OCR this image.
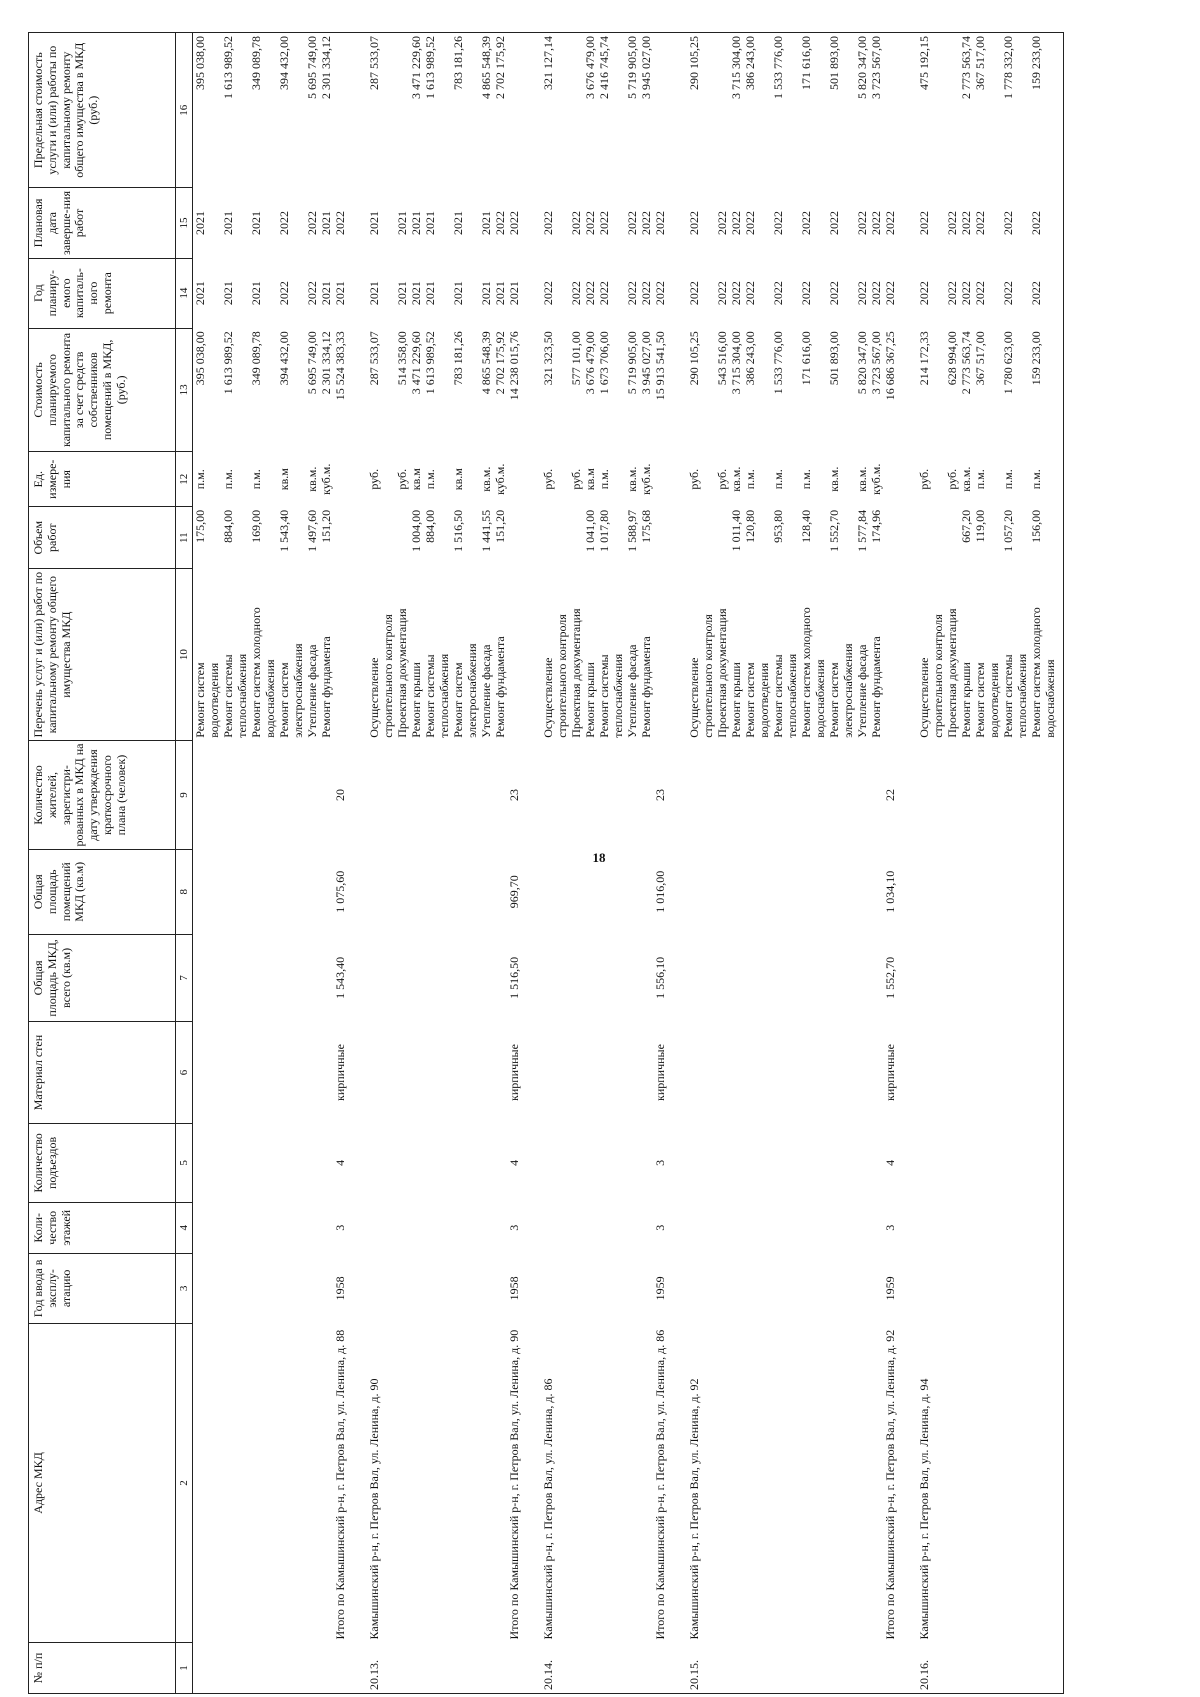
18
№ п/п	Адрес МКД	Год ввода в эксплу-атацию	Коли-чество этажей	Количество подъездов	Материал стен	Общая площадь МКД, всего (кв.м)	Общая площадь помещений МКД (кв.м)	Количество жителей, зарегистри-рованных в МКД на дату утверждения краткосрочного плана (человек)	Перечень услуг и (или) работ по капитальному ремонту общего имущества МКД	Объем работ	Ед. измере-ния	Стоимость планируемого капитального ремонта за счет средств собственников помещений в МКД, (руб.)	Год планиру-емого капиталь-ного ремонта	Плановая дата заверше-ния работ	Предельная стоимость услуги и (или) работы по капитальному ремонту общего имущества в МКД (руб.)
1	2	3	4	5	6	7	8	9	10	11	12	13	14	15	16

									Ремонт систем водоотведения	175,00	п.м.	395 038,00	2021	2021	395 038,00

									Ремонт системы теплоснабжения	884,00	п.м.	1 613 989,52	2021	2021	1 613 989,52

									Ремонт систем холодного водоснабжения	169,00	п.м.	349 089,78	2021	2021	349 089,78

									Ремонт систем электроснабжения	1 543,40	кв.м	394 432,00	2022	2022	394 432,00

									Утепление фасада	1 497,60	кв.м.	5 695 749,00	2022	2022	5 695 749,00

									Ремонт фундамента	151,20	куб.м.	2 301 334,12	2021	2021	2 301 334,12
	Итого по Камышинский р-н, г. Петров Вал, ул. Ленина, д. 88	1958	3	4	кирпичные	1 543,40	1 075,60	20				15 524 383,33	2021	2022	

20.13.	Камышинский р-н, г. Петров Вал, ул. Ленина, д. 90								Осуществление строительного контроля		руб.	287 533,07	2021	2021	287 533,07

									Проектная документация		руб.	514 358,00	2021	2021	

									Ремонт крыши	1 004,00	кв.м	3 471 229,60	2021	2021	3 471 229,60

									Ремонт системы теплоснабжения	884,00	п.м.	1 613 989,52	2021	2021	1 613 989,52

									Ремонт систем электроснабжения	1 516,50	кв.м	783 181,26	2021	2021	783 181,26

									Утепление фасада	1 441,55	кв.м.	4 865 548,39	2021	2021	4 865 548,39

									Ремонт фундамента	151,20	куб.м.	2 702 175,92	2021	2022	2 702 175,92
	Итого по Камышинский р-н, г. Петров Вал, ул. Ленина, д. 90	1958	3	4	кирпичные	1 516,50	969,70	23				14 238 015,76	2021	2022	

20.14.	Камышинский р-н, г. Петров Вал, ул. Ленина, д. 86								Осуществление строительного контроля		руб.	321 323,50	2022	2022	321 127,14

									Проектная документация		руб.	577 101,00	2022	2022	

									Ремонт крыши	1 041,00	кв.м	3 676 479,00	2022	2022	3 676 479,00

									Ремонт системы теплоснабжения	1 017,80	п.м.	1 673 706,00	2022	2022	2 416 745,74

									Утепление фасада	1 588,97	кв.м.	5 719 905,00	2022	2022	5 719 905,00

									Ремонт фундамента	175,68	куб.м.	3 945 027,00	2022	2022	3 945 027,00
	Итого по Камышинский р-н, г. Петров Вал, ул. Ленина, д. 86	1959	3	3	кирпичные	1 556,10	1 016,00	23				15 913 541,50	2022	2022	

20.15.	Камышинский р-н, г. Петров Вал, ул. Ленина, д. 92								Осуществление строительного контроля		руб.	290 105,25	2022	2022	290 105,25

									Проектная документация		руб.	543 516,00	2022	2022	

									Ремонт крыши	1 011,40	кв.м.	3 715 304,00	2022	2022	3 715 304,00

									Ремонт систем водоотведения	120,80	п.м.	386 243,00	2022	2022	386 243,00

									Ремонт системы теплоснабжения	953,80	п.м.	1 533 776,00	2022	2022	1 533 776,00

									Ремонт систем холодного водоснабжения	128,40	п.м.	171 616,00	2022	2022	171 616,00

									Ремонт систем электроснабжения	1 552,70	кв.м.	501 893,00	2022	2022	501 893,00

									Утепление фасада	1 577,84	кв.м.	5 820 347,00	2022	2022	5 820 347,00

									Ремонт фундамента	174,96	куб.м.	3 723 567,00	2022	2022	3 723 567,00
	Итого по Камышинский р-н, г. Петров Вал, ул. Ленина, д. 92	1959	3	4	кирпичные	1 552,70	1 034,10	22				16 686 367,25	2022	2022	

20.16.	Камышинский р-н, г. Петров Вал, ул. Ленина, д. 94								Осуществление строительного контроля		руб.	214 172,33	2022	2022	475 192,15

									Проектная документация		руб.	628 994,00	2022	2022	

									Ремонт крыши	667,20	кв.м.	2 773 563,74	2022	2022	2 773 563,74

									Ремонт систем водоотведения	119,00	п.м.	367 517,00	2022	2022	367 517,00

									Ремонт системы теплоснабжения	1 057,20	п.м.	1 780 623,00	2022	2022	1 778 332,00

									Ремонт систем холодного водоснабжения	156,00	п.м.	159 233,00	2022	2022	159 233,00
